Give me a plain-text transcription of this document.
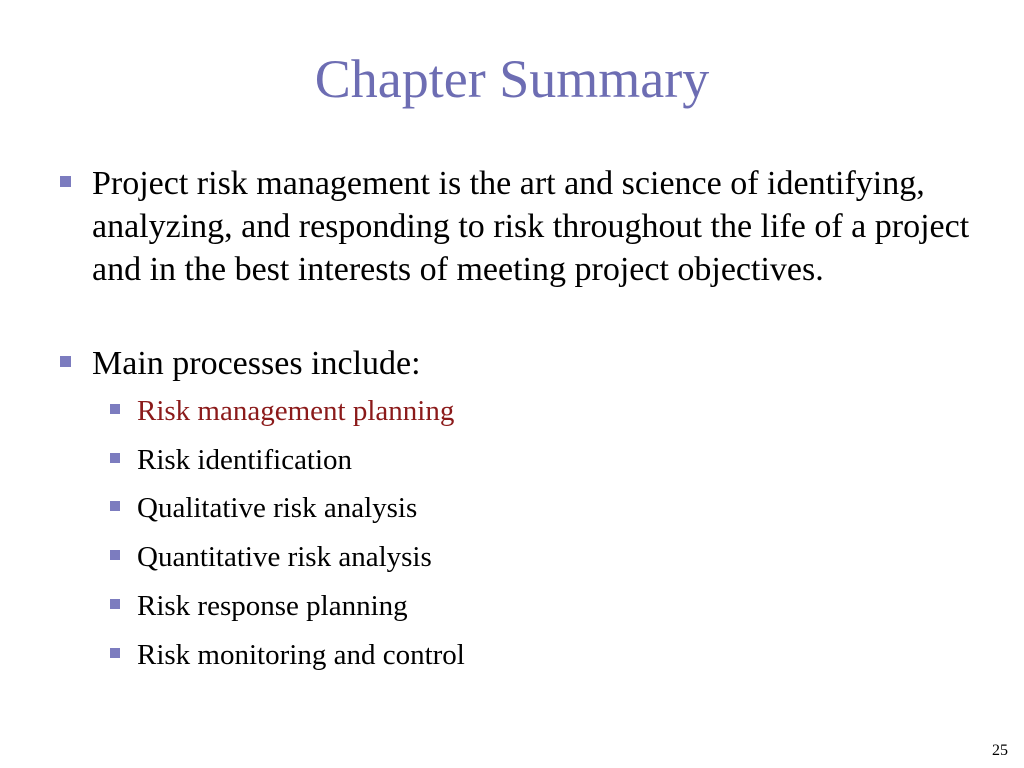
Chapter Summary
Project risk management is the art and science of identifying, analyzing, and responding to risk throughout the life of a project and in the best interests of meeting project objectives.
Main processes include:
Risk management planning
Risk identification
Qualitative risk analysis
Quantitative risk analysis
Risk response planning
Risk monitoring and control
25
